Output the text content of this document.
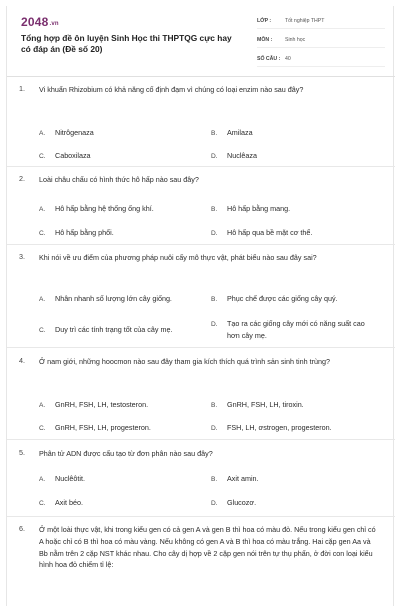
2048.vn
Tổng hợp đề ôn luyện Sinh Học thi THPTQG cực hay có đáp án (Đề số 20)
LỚP :	Tốt nghiệp THPT
MÔN :	Sinh học
SỐ CÂU : 40
1. Vi khuẩn Rhizobium có khả năng cố định đạm vì chúng có loại enzim nào sau đây?
A. Nitrôgenaza	B. Amilaza
C. Caboxilaza	D. Nuclêaza
2. Loài châu chấu có hình thức hô hấp nào sau đây?
A. Hô hấp bằng hệ thống ống khí.	B. Hô hấp bằng mang.
C. Hô hấp bằng phổi.	D. Hô hấp qua bề mặt cơ thể.
3. Khi nói về ưu điểm của phương pháp nuôi cấy mô thực vật, phát biểu nào sau đây sai?
A. Nhân nhanh số lượng lớn cây giống.	B. Phục chế được các giống cây quý.
C. Duy trì các tính trạng tốt của cây mẹ.
D. Tạo ra các giống cây mới có năng suất cao hơn cây mẹ.
4. Ở nam giới, những hoocmon nào sau đây tham gia kích thích quá trình sản sinh tinh trùng?
A. GnRH, FSH, LH, testosteron.	B. GnRH, FSH, LH, tiroxin.
C. GnRH, FSH, LH, progesteron.	D. FSH, LH, ơstrogen, progesteron.
5. Phân tử ADN được cấu tạo từ đơn phân nào sau đây?
A. Nuclêôtit.	B. Axit amin.
C. Axit béo.	D. Glucozơ.
6. Ở một loài thực vật, khi trong kiểu gen có cả gen A và gen B thì hoa có màu đỏ. Nếu trong kiểu gen chỉ có A hoặc chỉ có B thì hoa có màu vàng. Nếu không có gen A và B thì hoa có màu trắng. Hai cặp gen Aa và Bb nằm trên 2 cặp NST khác nhau. Cho cây dị hợp về 2 cặp gen nói trên tự thụ phấn, ở đời con loại kiểu hình hoa đỏ chiếm tỉ lệ:
